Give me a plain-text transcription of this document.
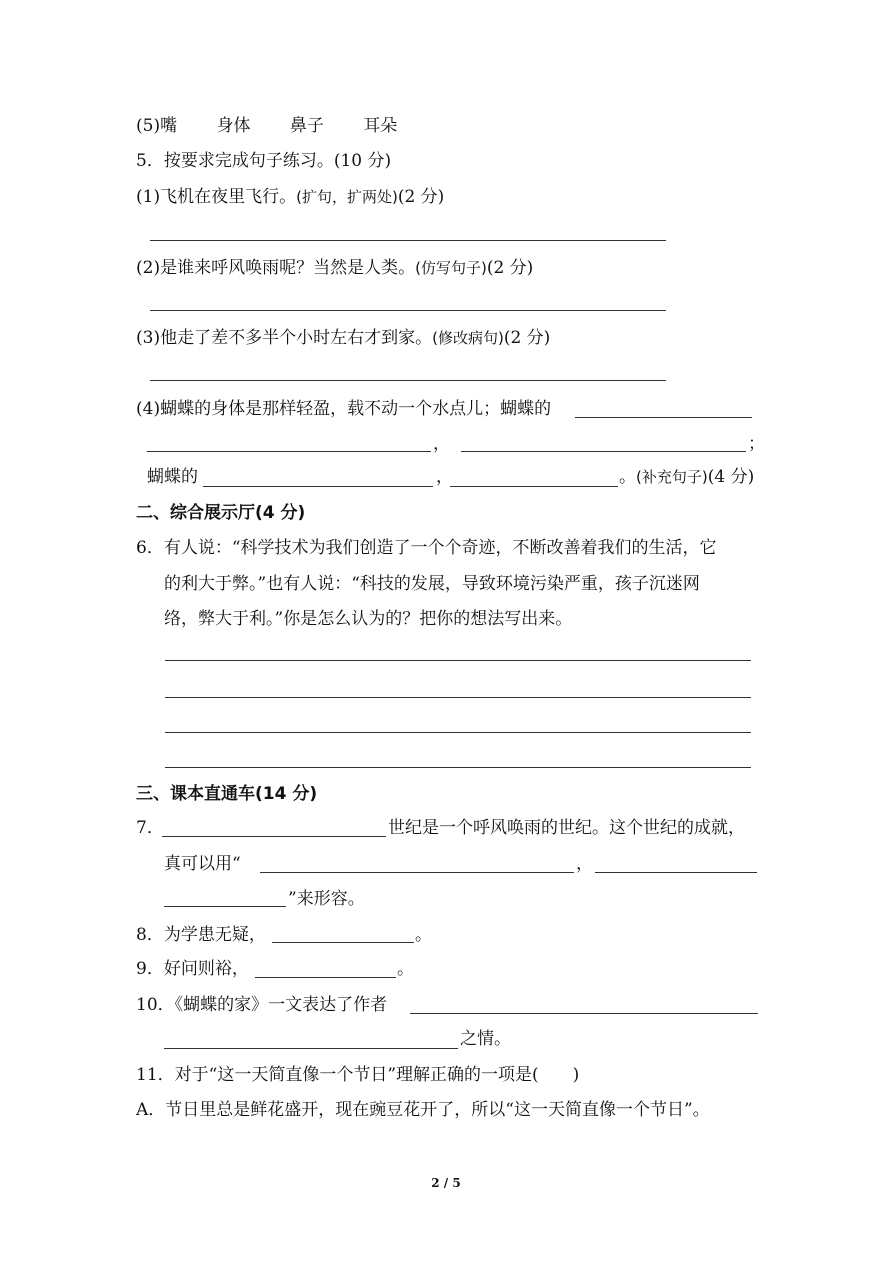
(5)嘴　　 身体　　 鼻子　　 耳朵
5．按要求完成句子练习。(10 分)
(1)飞机在夜里飞行。(扩句，扩两处)(2 分)
(2)是谁来呼风唤雨呢？当然是人类。(仿写句子)(2 分)
(3)他走了差不多半个小时左右才到家。(修改病句)(2 分)
(4)蝴蝶的身体是那样轻盈，载不动一个水点儿；蝴蝶的
，	；
蝴蝶的	，	。(补充句子)(4 分)
二、综合展示厅(4 分)
6．有人说：“科学技术为我们创造了一个个奇迹，不断改善着我们的生活，它
的利大于弊。”也有人说：“科技的发展，导致环境污染严重，孩子沉迷网
络，弊大于利。”你是怎么认为的？把你的想法写出来。
三、课本直通车(14 分)
7．	世纪是一个呼风唤雨的世纪。这个世纪的成就，
真可以用“	，
”来形容。
8．为学患无疑，	。
9．好问则裕，	。
10．《蝴蝶的家》一文表达了作者
之情。
11．对于“这一天简直像一个节日”理解正确的一项是(　　)
A．节日里总是鲜花盛开，现在豌豆花开了，所以“这一天简直像一个节日”。
2 / 5
